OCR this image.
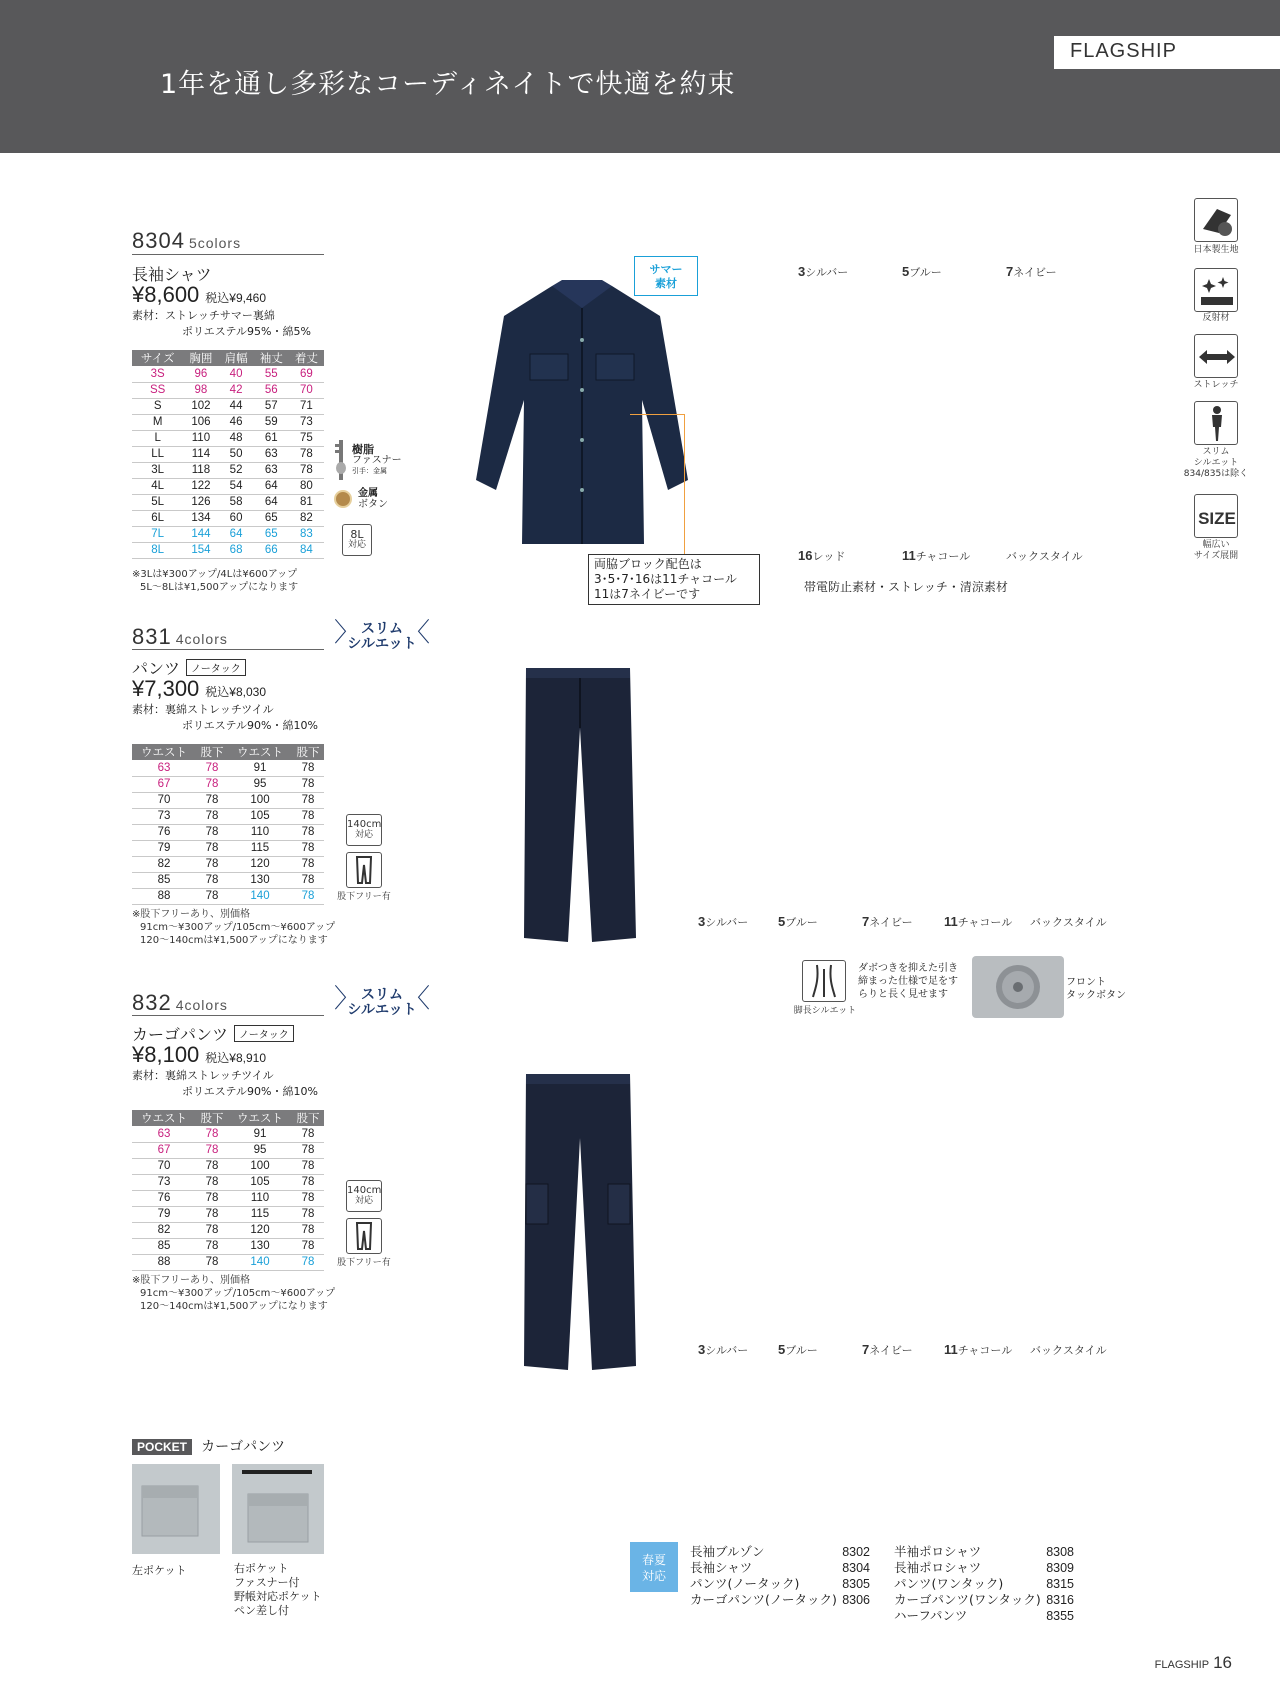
1年を通し多彩なコーディネイトで快適を約束
FLAGSHIP
日本製生地
反射材
ストレッチ
スリム
シルエット
834/835は除く
SIZE
幅広い
サイズ展開
8304 5colors
長袖シャツ
¥8,600 税込¥9,460
素材：ストレッチサマー裏綿
ポリエステル95%・綿5%
サイズ	胸囲	肩幅	袖丈	着丈
3S	96	40	55	69
SS	98	42	56	70
S	102	44	57	71
M	106	46	59	73
L	110	48	61	75
LL	114	50	63	78
3L	118	52	63	78
4L	122	54	64	80
5L	126	58	64	81
6L	134	60	65	82
7L	144	64	65	83
8L	154	68	66	84
※3Lは¥300アップ/4Lは¥600アップ
5L〜8Lは¥1,500アップになります
樹脂
ファスナー
引手：金属
金属
ボタン
8L
対応
サマー
素材
両脇ブロック配色は
3･5･7･16は11チャコール
11は7ネイビーです
3シルバー	5ブルー	7ネイビー
16レッド	11チャコール	バックスタイル
帯電防止素材・ストレッチ・清涼素材
831 4colors	〉 スリム
シルエット
〈
パンツ ノータック
¥7,300 税込¥8,030
素材：裏綿ストレッチツイル
ポリエステル90%・綿10%
ウエスト	股下	ウエスト	股下
63	78	91	78
67	78	95	78
70	78	100	78
73	78	105	78
76	78	110	78
79	78	115	78
82	78	120	78
85	78	130	78
88	78	140	78
※股下フリーあり、別価格
91cm〜¥300アップ/105cm〜¥600アップ
120〜140cmは¥1,500アップになります
140cm
対応
股下フリー有
3シルバー 5ブルー	7ネイビー 11チャコール バックスタイル
脚長シルエット
ダボつきを抑えた引き
締まった仕様で足をす
らりと長く見せます
フロント
タックボタン
832 4colors	〉 スリム
シルエット
〈
カーゴパンツ ノータック
¥8,100 税込¥8,910
素材：裏綿ストレッチツイル
ポリエステル90%・綿10%
ウエスト	股下	ウエスト	股下
63	78	91	78
67	78	95	78
70	78	100	78
73	78	105	78
76	78	110	78
79	78	115	78
82	78	120	78
85	78	130	78
88	78	140	78
※股下フリーあり、別価格
91cm〜¥300アップ/105cm〜¥600アップ
120〜140cmは¥1,500アップになります
140cm
対応
股下フリー有
3シルバー 5ブルー	7ネイビー 11チャコール バックスタイル
POCKET カーゴパンツ
左ポケット	右ポケット
ファスナー付
野帳対応ポケット
ペン差し付
春夏
対応
長袖ブルゾン	8302
長袖シャツ	8304
パンツ(ノータック)	8305
カーゴパンツ(ノータック) 8306
半袖ポロシャツ	8308
長袖ポロシャツ	8309
パンツ(ワンタック)	8315
カーゴパンツ(ワンタック) 8316
ハーフパンツ	8355
FLAGSHIP 16
